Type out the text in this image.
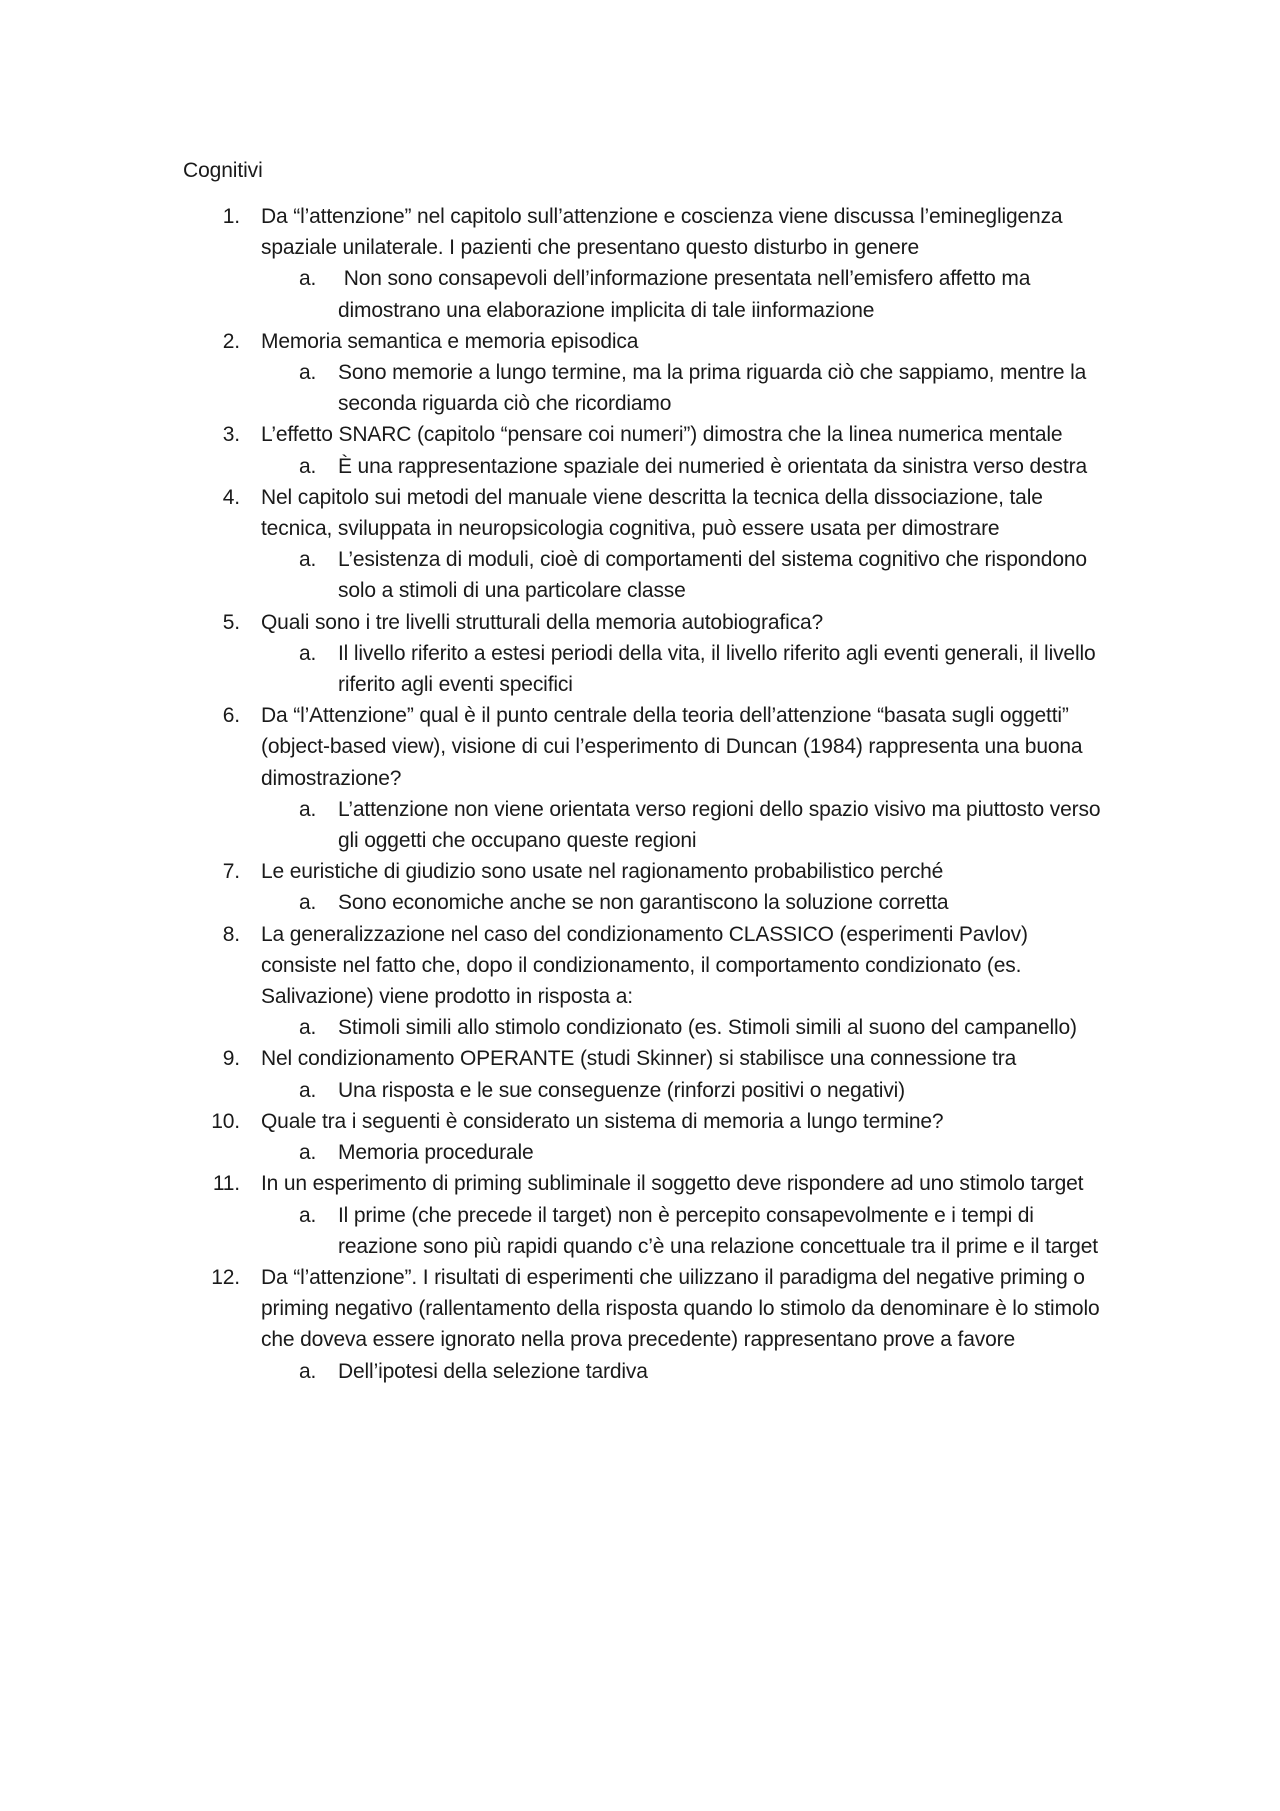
Cognitivi
1. Da “l’attenzione” nel capitolo sull’attenzione e coscienza viene discussa l’eminegligenza spaziale unilaterale. I pazienti che presentano questo disturbo in genere
a. Non sono consapevoli dell’informazione presentata nell’emisfero affetto ma dimostrano una elaborazione implicita di tale iinformazione
2. Memoria semantica e memoria episodica
a. Sono memorie a lungo termine, ma la prima riguarda ciò che sappiamo, mentre la seconda riguarda ciò che ricordiamo
3. L’effetto SNARC (capitolo “pensare coi numeri”) dimostra che la linea numerica mentale
a. È una rappresentazione spaziale dei numeried è orientata da sinistra verso destra
4. Nel capitolo sui metodi del manuale viene descritta la tecnica della dissociazione, tale tecnica, sviluppata in neuropsicologia cognitiva, può essere usata per dimostrare
a. L’esistenza di moduli, cioè di comportamenti del sistema cognitivo che rispondono solo a stimoli di una particolare classe
5. Quali sono i tre livelli strutturali della memoria autobiografica?
a. Il livello riferito a estesi periodi della vita, il livello riferito agli eventi generali, il livello riferito agli eventi specifici
6. Da “l’Attenzione” qual è il punto centrale della teoria dell’attenzione “basata sugli oggetti” (object-based view), visione di cui l’esperimento di Duncan (1984) rappresenta una buona dimostrazione?
a. L’attenzione non viene orientata verso regioni dello spazio visivo ma piuttosto verso gli oggetti che occupano queste regioni
7. Le euristiche di giudizio sono usate nel ragionamento probabilistico perché
a. Sono economiche anche se non garantiscono la soluzione corretta
8. La generalizzazione nel caso del condizionamento CLASSICO (esperimenti Pavlov) consiste nel fatto che, dopo il condizionamento, il comportamento condizionato (es. Salivazione) viene prodotto in risposta a:
a. Stimoli simili allo stimolo condizionato (es. Stimoli simili al suono del campanello)
9. Nel condizionamento OPERANTE (studi Skinner) si stabilisce una connessione tra
a. Una risposta e le sue conseguenze (rinforzi positivi o negativi)
10. Quale tra i seguenti è considerato un sistema di memoria a lungo termine?
a. Memoria procedurale
11. In un esperimento di priming subliminale il soggetto deve rispondere ad uno stimolo target
a. Il prime (che precede il target) non è percepito consapevolmente e i tempi di reazione sono più rapidi quando c’è una relazione concettuale tra il prime e il target
12. Da “l’attenzione”. I risultati di esperimenti che uilizzano il paradigma del negative priming o priming negativo (rallentamento della risposta quando lo stimolo da denominare è lo stimolo che doveva essere ignorato nella prova precedente) rappresentano prove a favore
a. Dell’ipotesi della selezione tardiva
